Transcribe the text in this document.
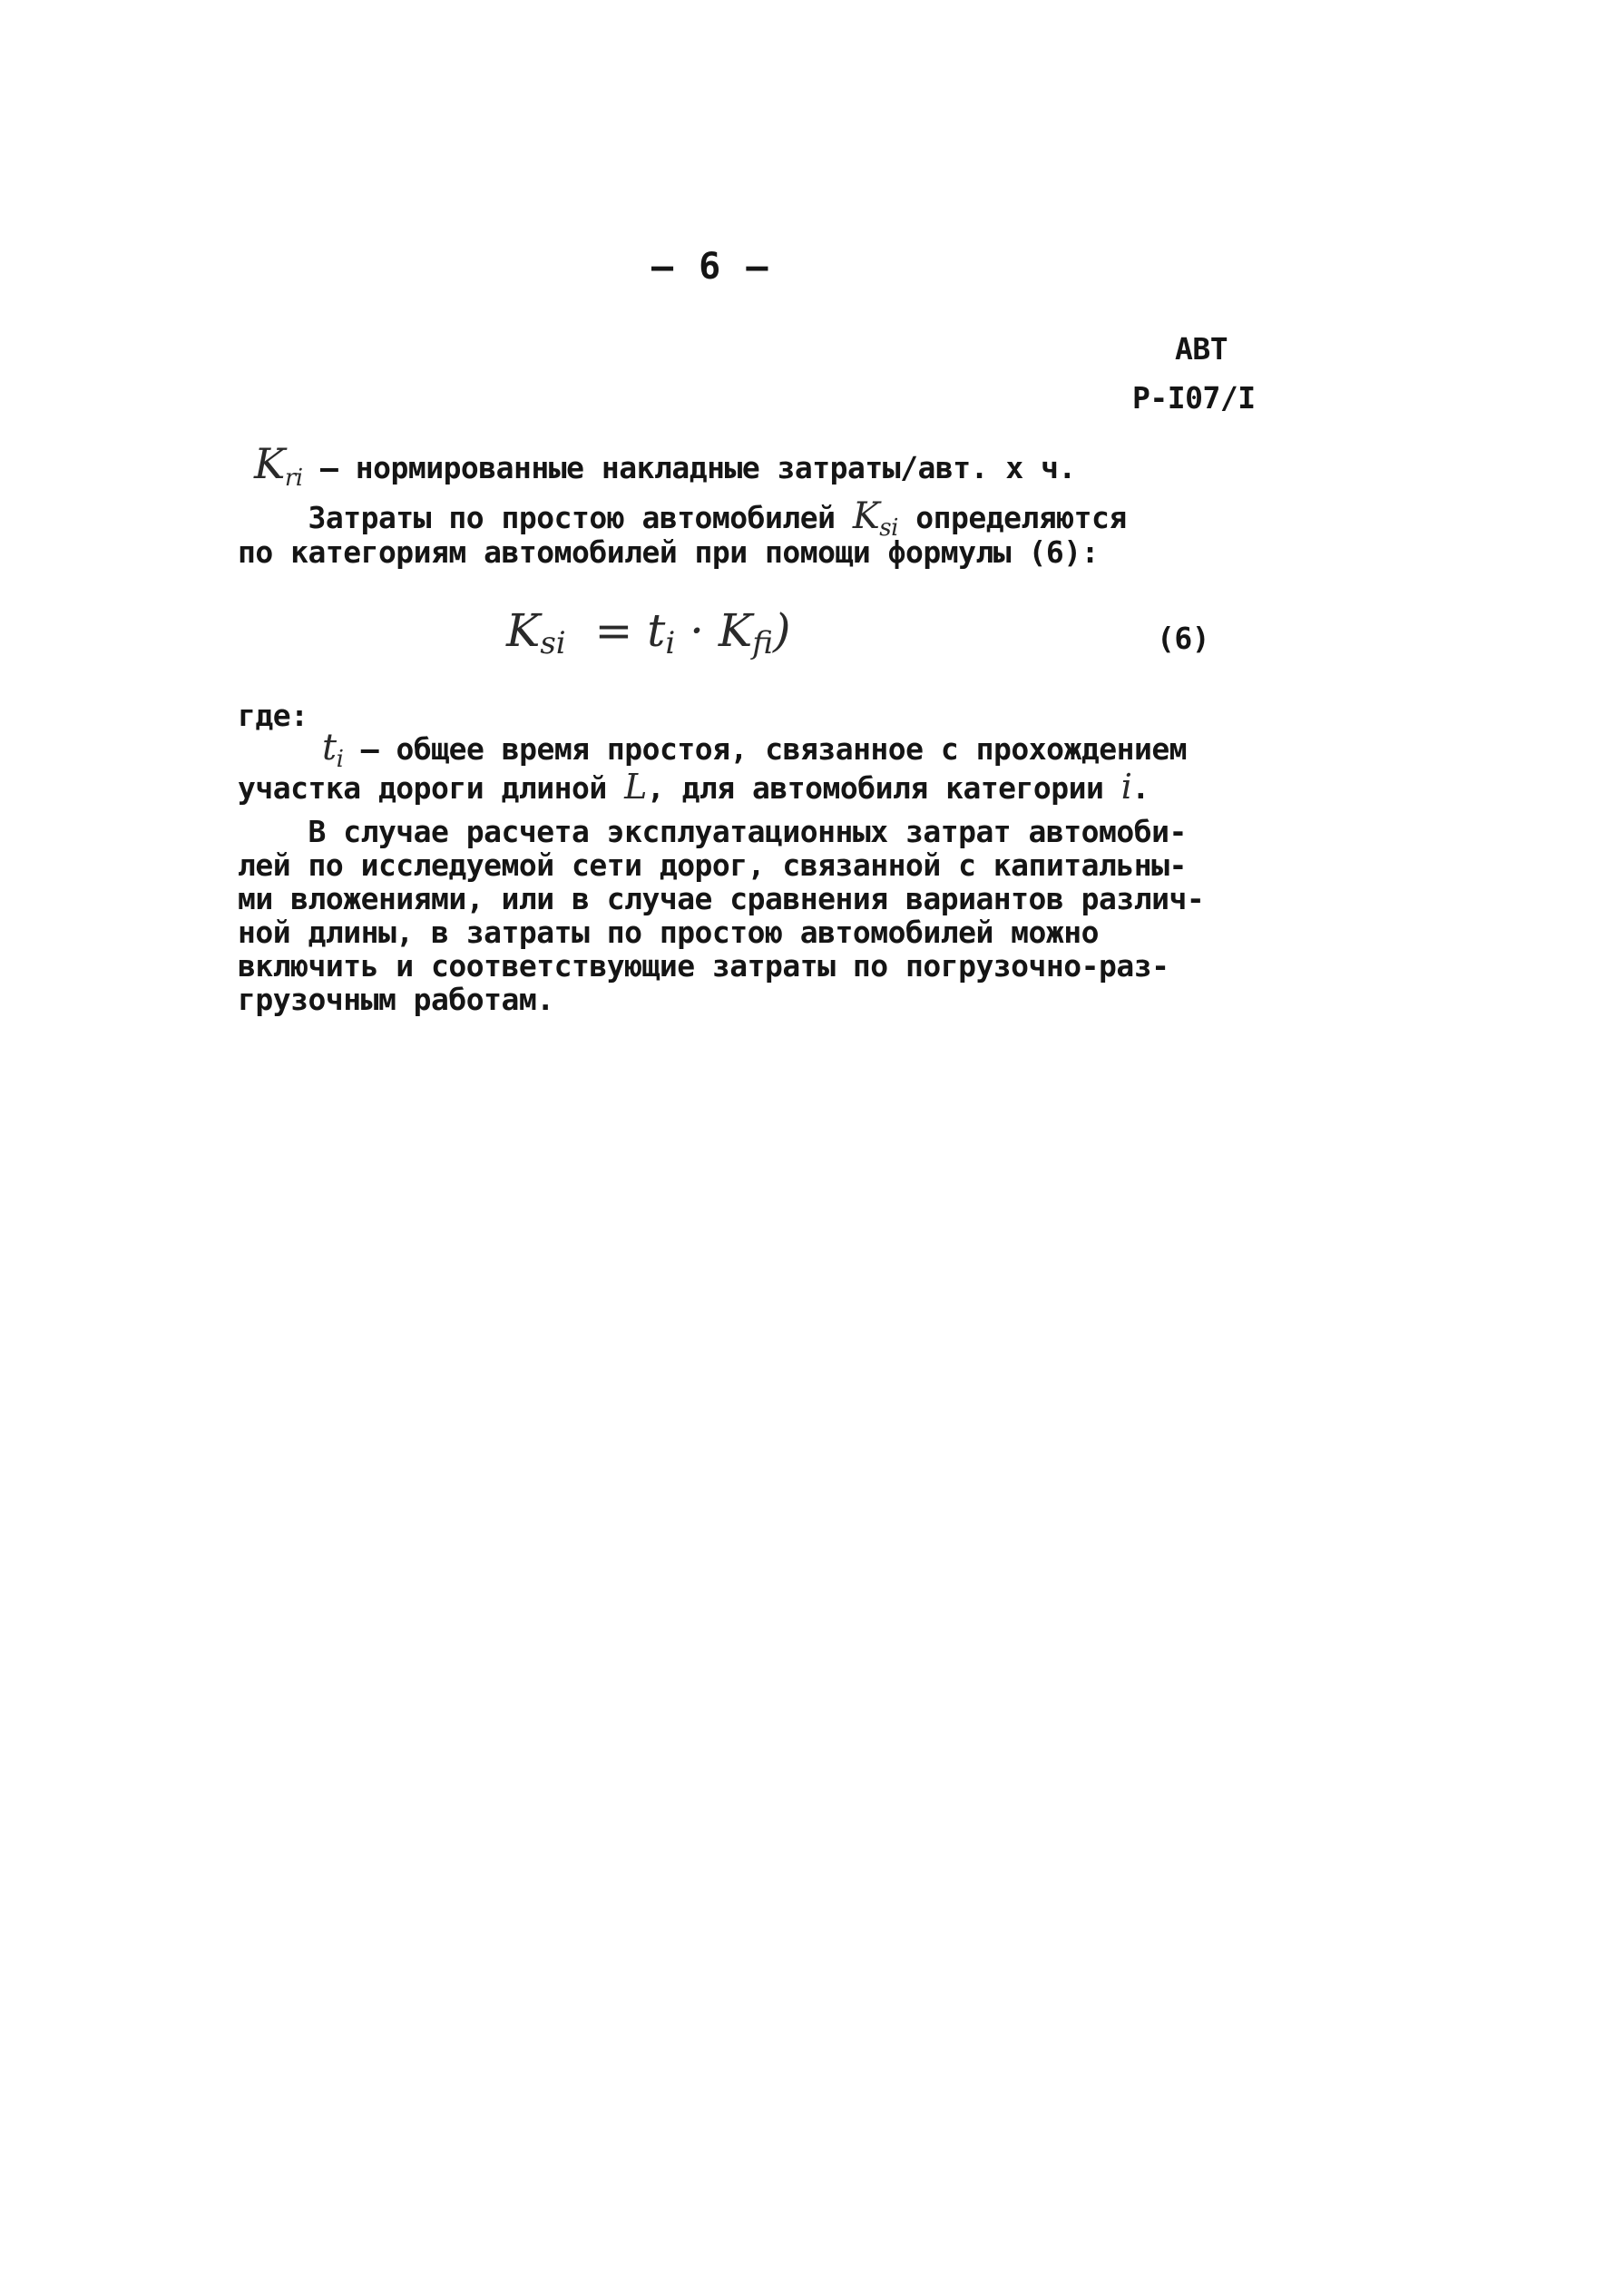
– 6 –
АВТ
Р-I07/I
$K_{ri}$ – нормированные накладные затраты/авт. х ч.
Затраты по простою автомобилей $K_{si}$ определяются
по категориям автомобилей при помощи формулы (6):
Ksi  = ti · Kfi)	(6)
где:
$t_i$ – общее время простоя, связанное с прохождением
участка дороги длиной L, для автомобиля категории i.
В случае расчета эксплуатационных затрат автомоби-
лей по исследуемой сети дорог, связанной с капитальны-
ми вложениями, или в случае сравнения вариантов различ-
ной длины, в затраты по простою автомобилей можно
включить и соответствующие затраты по погрузочно-раз-
грузочным работам.
